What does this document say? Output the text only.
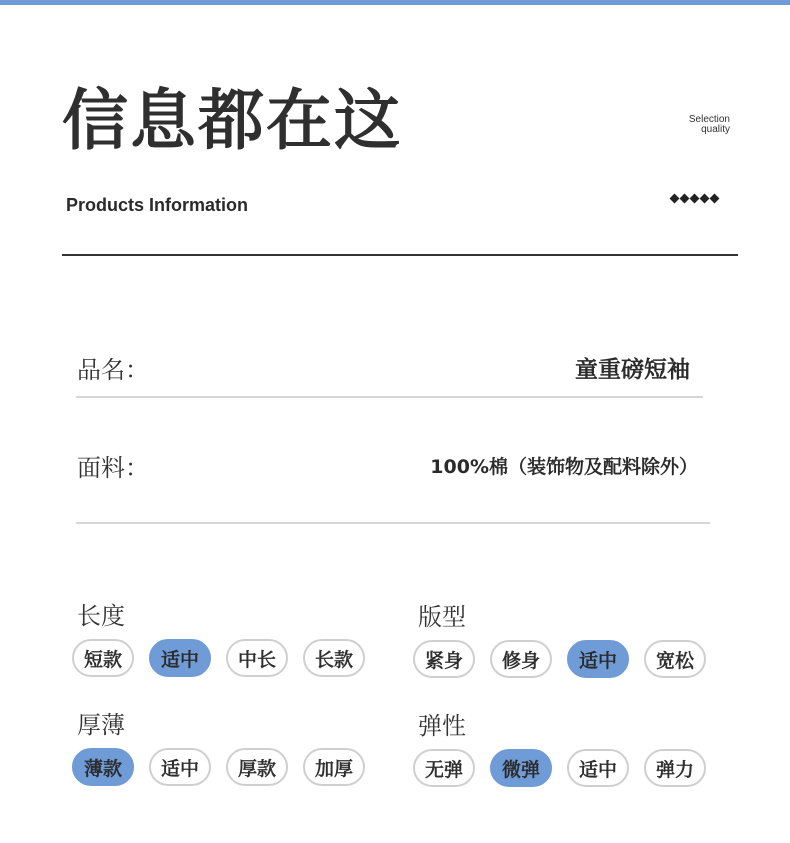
信息都在这	Selection
quality
Products Information
品名：	童重磅短袖
面料：	100%棉（装饰物及配料除外）
长度
短款	适中	中长	长款
版型
紧身	修身	适中	宽松
厚薄
薄款	适中	厚款	加厚
弹性
无弹	微弹	适中	弹力
